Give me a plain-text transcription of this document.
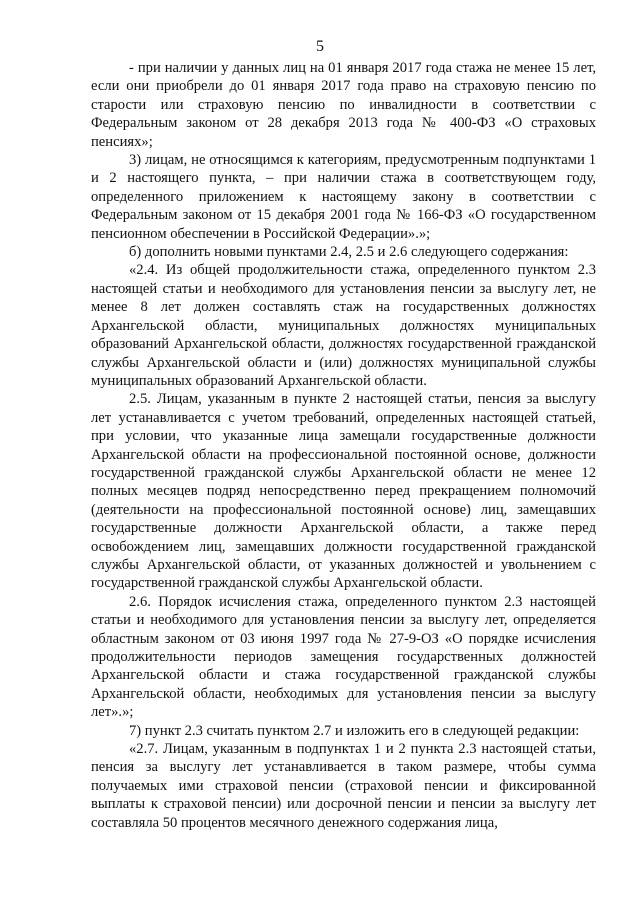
5

- при наличии у данных лиц на 01 января 2017 года стажа не менее 15 лет, если они приобрели до 01 января 2017 года право на страховую пенсию по старости или страховую пенсию по инвалидности в соответствии с Федеральным законом от 28 декабря 2013 года № 400-ФЗ «О страховых пенсиях»;

3) лицам, не относящимся к категориям, предусмотренным подпунктами 1 и 2 настоящего пункта, – при наличии стажа в соответствующем году, определенного приложением к настоящему закону в соответствии с Федеральным законом от 15 декабря 2001 года № 166-ФЗ «О государственном пенсионном обеспечении в Российской Федерации».»;

б) дополнить новыми пунктами 2.4, 2.5 и 2.6 следующего содержания:

«2.4. Из общей продолжительности стажа, определенного пунктом 2.3 настоящей статьи и необходимого для установления пенсии за выслугу лет, не менее 8 лет должен составлять стаж на государственных должностях Архангельской области, муниципальных должностях муниципальных образований Архангельской области, должностях государственной гражданской службы Архангельской области и (или) должностях муниципальной службы муниципальных образований Архангельской области.

2.5. Лицам, указанным в пункте 2 настоящей статьи, пенсия за выслугу лет устанавливается с учетом требований, определенных настоящей статьей, при условии, что указанные лица замещали государственные должности Архангельской области на профессиональной постоянной основе, должности государственной гражданской службы Архангельской области не менее 12 полных месяцев подряд непосредственно перед прекращением полномочий (деятельности на профессиональной постоянной основе) лиц, замещавших государственные должности Архангельской области, а также перед освобождением лиц, замещавших должности государственной гражданской службы Архангельской области, от указанных должностей и увольнением с государственной гражданской службы Архангельской области.

2.6. Порядок исчисления стажа, определенного пунктом 2.3 настоящей статьи и необходимого для установления пенсии за выслугу лет, определяется областным законом от 03 июня 1997 года № 27-9-ОЗ «О порядке исчисления продолжительности периодов замещения государственных должностей Архангельской области и стажа государственной гражданской службы Архангельской области, необходимых для установления пенсии за выслугу лет».»;

7) пункт 2.3 считать пунктом 2.7 и изложить его в следующей редакции:

«2.7. Лицам, указанным в подпунктах 1 и 2 пункта 2.3 настоящей статьи, пенсия за выслугу лет устанавливается в таком размере, чтобы сумма получаемых ими страховой пенсии (страховой пенсии и фиксированной выплаты к страховой пенсии) или досрочной пенсии и пенсии за выслугу лет составляла 50 процентов месячного денежного содержания лица,
